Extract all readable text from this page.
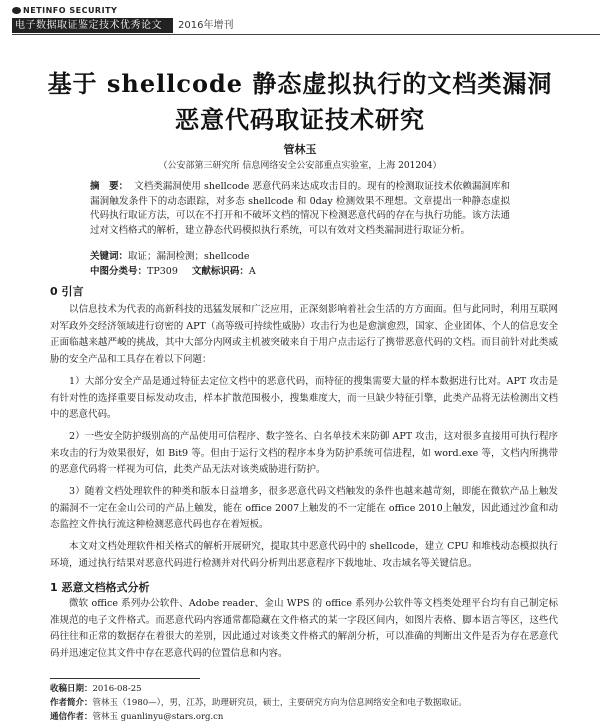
NETINFO SECURITY
电子数据取证鉴定技术优秀论文	2016年增刊
基于 shellcode 静态虚拟执行的文档类漏洞
恶意代码取证技术研究
管林玉
（公安部第三研究所 信息网络安全公安部重点实验室，上海 201204）
摘　要： 文档类漏洞使用 shellcode 恶意代码来达成攻击目的。现有的检测取证技术依赖漏洞库和漏洞触发条件下的动态跟踪，对多态 shellcode 和 0day 检测效果不理想。文章提出一种静态虚拟代码执行取证方法，可以在不打开和不破坏文档的情况下检测恶意代码的存在与执行功能。该方法通过对文档格式的解析，建立静态代码模拟执行系统，可以有效对文档类漏洞进行取证分析。
关键词：取证；漏洞检测；shellcode
中图分类号：TP309 文献标识码：A
0 引言
以信息技术为代表的高新科技的迅猛发展和广泛应用，正深刻影响着社会生活的方方面面。但与此同时，利用互联网对军政外交经济领域进行窃密的 APT（高等级可持续性威胁）攻击行为也是愈演愈烈，国家、企业团体、个人的信息安全正面临越来越严峻的挑战，其中大部分内网或主机被突破来自于用户点击运行了携带恶意代码的文档。而目前针对此类威胁的安全产品和工具存在着以下问题：
1）大部分安全产品是通过特征去定位文档中的恶意代码，而特征的搜集需要大量的样本数据进行比对。APT 攻击是有针对性的选择重要目标发动攻击，样本扩散范围极小，搜集难度大，而一旦缺少特征引擎，此类产品将无法检测出文档中的恶意代码。
2）一些安全防护级别高的产品使用可信程序、数字签名、白名单技术来防御 APT 攻击，这对很多直接用可执行程序来攻击的行为效果很好，如 Bit9 等。但由于运行文档的程序本身为防护系统可信进程，如 word.exe 等，文档内所携带的恶意代码将一样视为可信，此类产品无法对该类威胁进行防护。
3）随着文档处理软件的种类和版本日益增多，很多恶意代码文档触发的条件也越来越苛刻，即能在微软产品上触发的漏洞不一定在金山公司的产品上触发，能在 office 2007上触发的不一定能在 office 2010上触发，因此通过沙盒和动态监控文件执行流这种检测恶意代码也存在着短板。
本文对文档处理软件相关格式的解析开展研究，提取其中恶意代码中的 shellcode，建立 CPU 和堆栈动态模拟执行环境，通过执行结果对恶意代码进行检测并对代码分析判出恶意程序下载地址、攻击域名等关键信息。
1 恶意文档格式分析
微软 office 系列办公软件、Adobe reader、金山 WPS 的 office 系列办公软件等文档类处理平台均有自己制定标准规范的电子文件格式。而恶意代码内容通常都隐藏在文件格式的某一字段区间内，如图片表格、脚本语言等区，这些代码往往和正常的数据存在着很大的差别，因此通过对该类文件格式的解剖分析，可以准确的判断出文件是否为存在恶意代码并迅速定位其文件中存在恶意代码的位置信息和内容。
收稿日期：2016-08-25
作者简介：管林玉（1980—），男，江苏，助理研究员，硕士，主要研究方向为信息网络安全和电子数据取证。
通信作者：管林玉 guanlinyu@stars.org.cn
